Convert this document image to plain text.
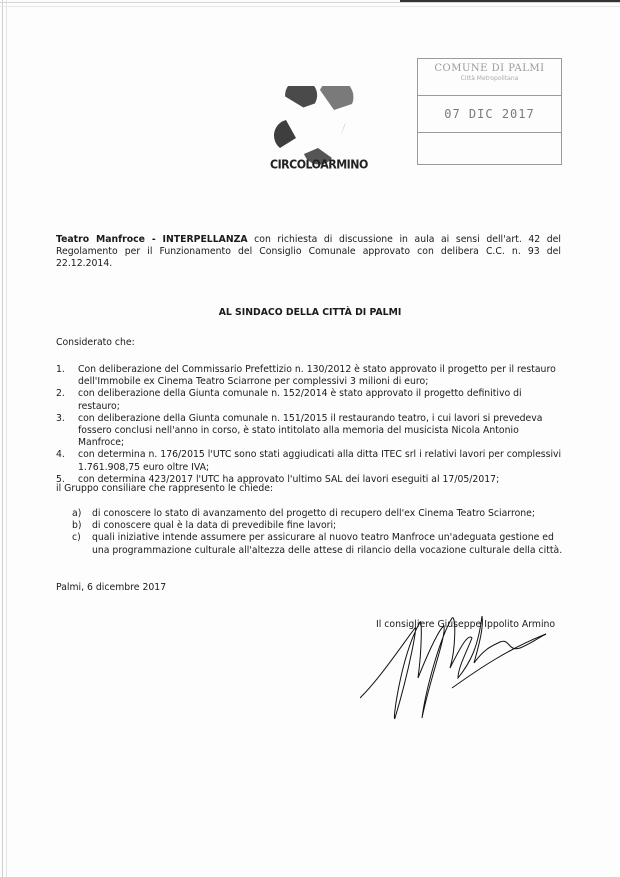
COMUNE DI PALMI
Città Metropolitana
07 DIC 2017
CIRCOLOARMINO
Teatro Manfroce - INTERPELLANZA con richiesta di discussione in aula ai sensi dell'art. 42 del Regolamento per il Funzionamento del Consiglio Comunale approvato con delibera C.C. n. 93 del 22.12.2014.
AL SINDACO DELLA CITTÀ DI PALMI
Considerato che:
1. Con deliberazione del Commissario Prefettizio n. 130/2012 è stato approvato il progetto per il restauro dell'Immobile ex Cinema Teatro Sciarrone per complessivi 3 milioni di euro;
2. con deliberazione della Giunta comunale n. 152/2014 è stato approvato il progetto definitivo di restauro;
3. con deliberazione della Giunta comunale n. 151/2015 il restaurando teatro, i cui lavori si prevedeva fossero conclusi nell'anno in corso, è stato intitolato alla memoria del musicista Nicola Antonio Manfroce;
4. con determina n. 176/2015 l'UTC sono stati aggiudicati alla ditta ITEC srl i relativi lavori per complessivi 1.761.908,75 euro oltre IVA;
5. con determina 423/2017 l'UTC ha approvato l'ultimo SAL dei lavori eseguiti al 17/05/2017;
il Gruppo consiliare che rappresento le chiede:
a) di conoscere lo stato di avanzamento del progetto di recupero dell'ex Cinema Teatro Sciarrone;
b) di conoscere qual è la data di prevedibile fine lavori;
c) quali iniziative intende assumere per assicurare al nuovo teatro Manfroce un'adeguata gestione ed una programmazione culturale all'altezza delle attese di rilancio della vocazione culturale della città.
Palmi, 6 dicembre 2017
Il consigliere Giuseppe Ippolito Armino
